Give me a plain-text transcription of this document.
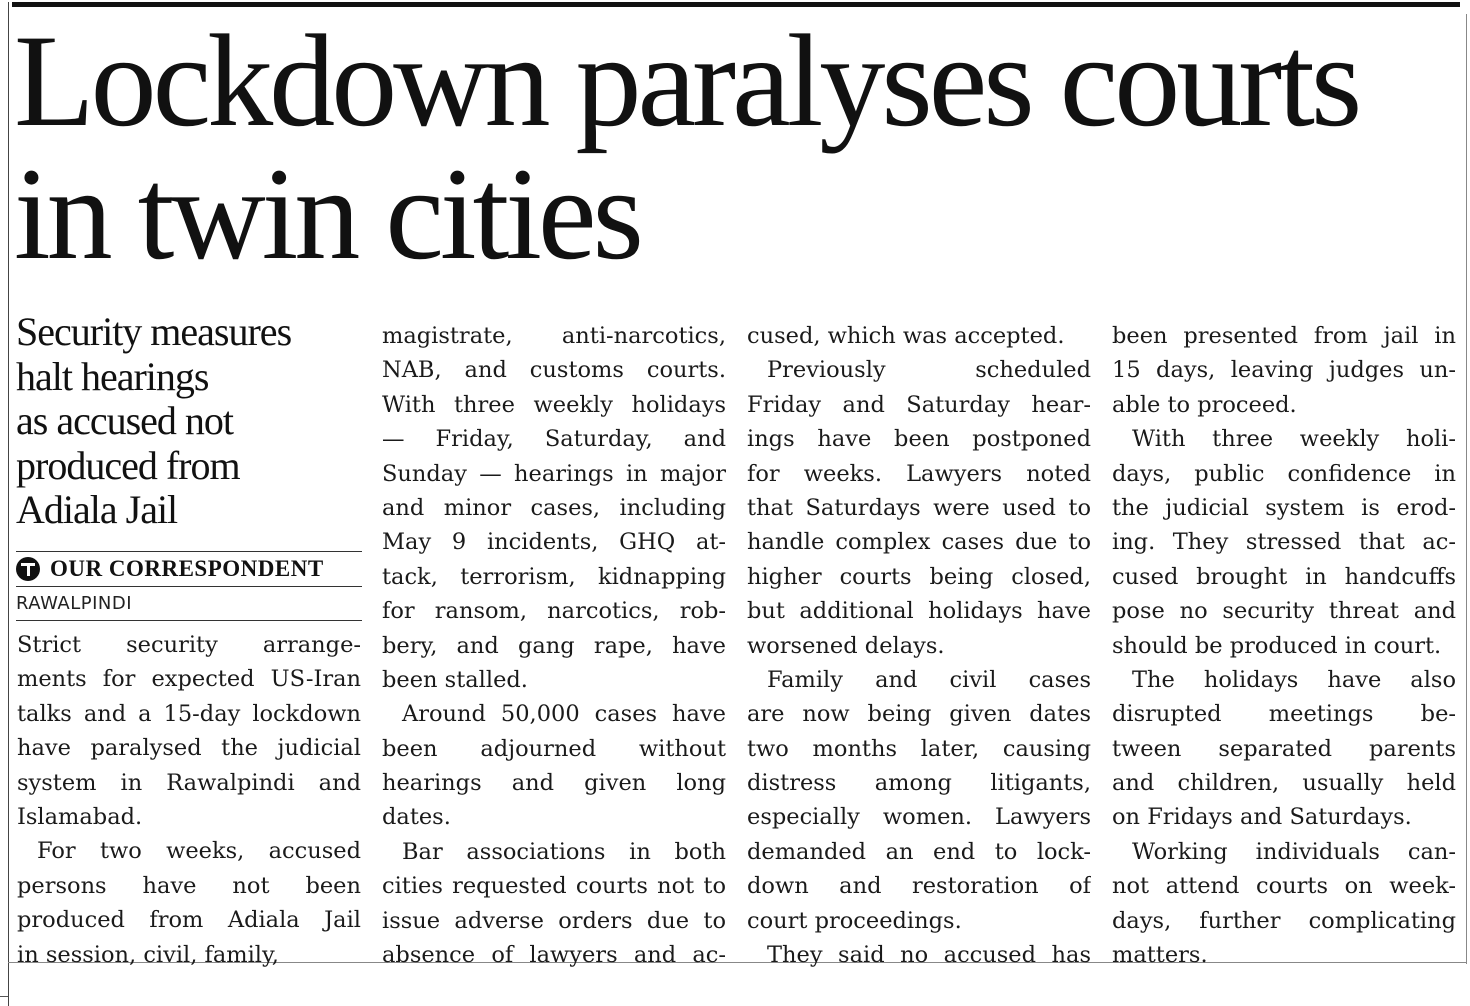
Lockdown paralyses courts
in twin cities
Security measures
halt hearings
as accused not
produced from
Adiala Jail
OUR CORRESPONDENT
RAWALPINDI
Strict security arrange-
ments for expected US-Iran
talks and a 15-day lockdown
have paralysed the judicial
system in Rawalpindi and
Islamabad.
For two weeks, accused
persons have not been
produced from Adiala Jail
in session, civil, family,
magistrate, anti-narcotics,
NAB, and customs courts.
With three weekly holidays
— Friday, Saturday, and
Sunday — hearings in major
and minor cases, including
May 9 incidents, GHQ at-
tack, terrorism, kidnapping
for ransom, narcotics, rob-
bery, and gang rape, have
been stalled.
Around 50,000 cases have
been adjourned without
hearings and given long
dates.
Bar associations in both
cities requested courts not to
issue adverse orders due to
absence of lawyers and ac-
cused, which was accepted.
Previously scheduled
Friday and Saturday hear-
ings have been postponed
for weeks. Lawyers noted
that Saturdays were used to
handle complex cases due to
higher courts being closed,
but additional holidays have
worsened delays.
Family and civil cases
are now being given dates
two months later, causing
distress among litigants,
especially women. Lawyers
demanded an end to lock-
down and restoration of
court proceedings.
They said no accused has
been presented from jail in
15 days, leaving judges un-
able to proceed.
With three weekly holi-
days, public confidence in
the judicial system is erod-
ing. They stressed that ac-
cused brought in handcuffs
pose no security threat and
should be produced in court.
The holidays have also
disrupted meetings be-
tween separated parents
and children, usually held
on Fridays and Saturdays.
Working individuals can-
not attend courts on week-
days, further complicating
matters.
